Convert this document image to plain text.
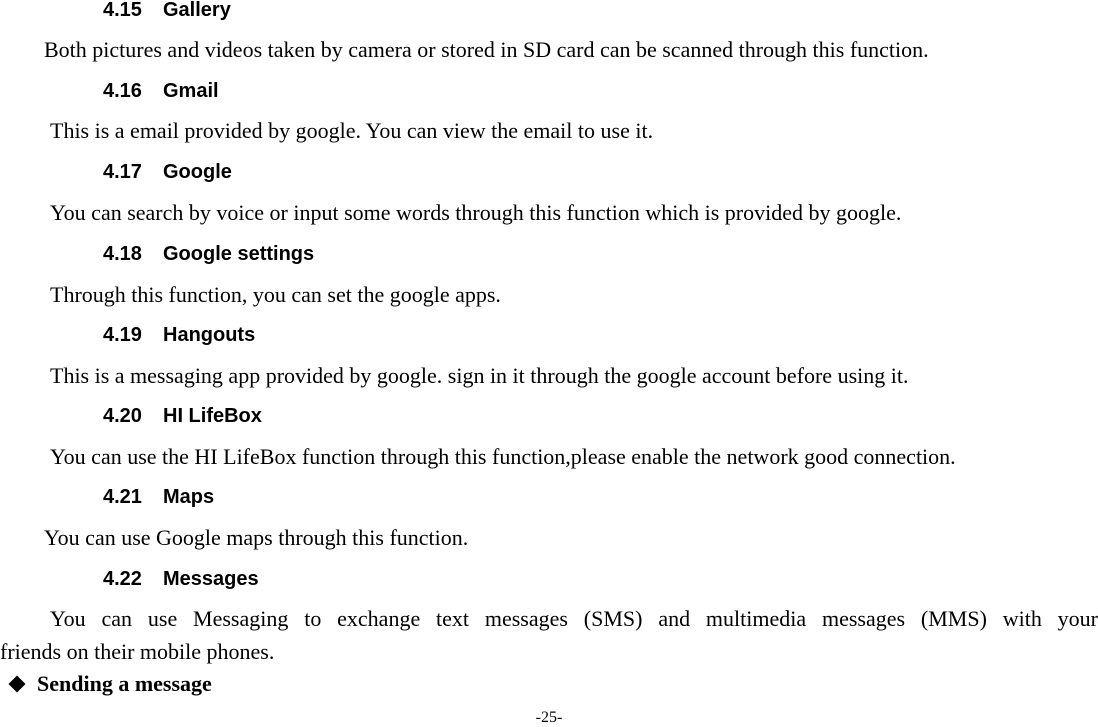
4.15 Gallery
Both pictures and videos taken by camera or stored in SD card can be scanned through this function.
4.16 Gmail
This is a email provided by google. You can view the email to use it.
4.17 Google
You can search by voice or input some words through this function which is provided by google.
4.18 Google settings
Through this function, you can set the google apps.
4.19 Hangouts
This is a messaging app provided by google. sign in it through the google account before using it.
4.20 HI LifeBox
You can use the HI LifeBox function through this function,please enable the network good connection.
4.21 Maps
You can use Google maps through this function.
4.22 Messages
You can use Messaging to exchange text messages (SMS) and multimedia messages (MMS) with your
friends on their mobile phones.
Sending a message
-25-
